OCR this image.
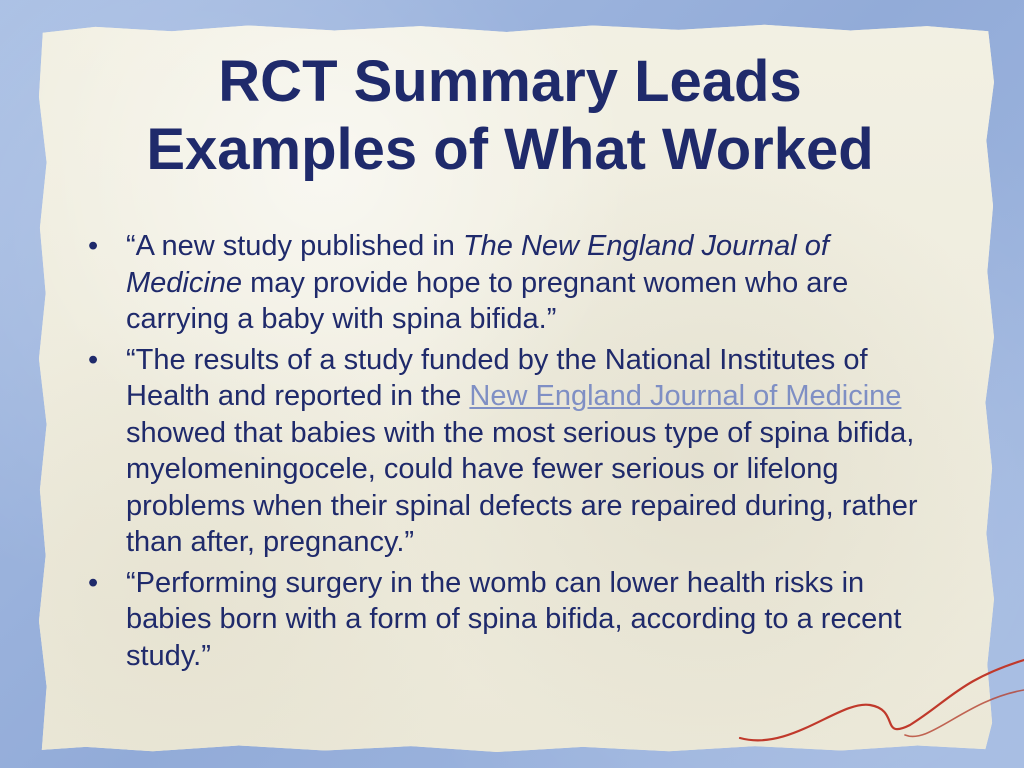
RCT Summary Leads
Examples of What Worked
• “A new study published in The New England Journal of Medicine may provide hope to pregnant women who are carrying a baby with spina bifida.”
• “The results of a study funded by the National Institutes of Health and reported in the New England Journal of Medicine showed that babies with the most serious type of spina bifida, myelomeningocele, could have fewer serious or lifelong problems when their spinal defects are repaired during, rather than after, pregnancy.”
• “Performing surgery in the womb can lower health risks in babies born with a form of spina bifida, according to a recent study.”
